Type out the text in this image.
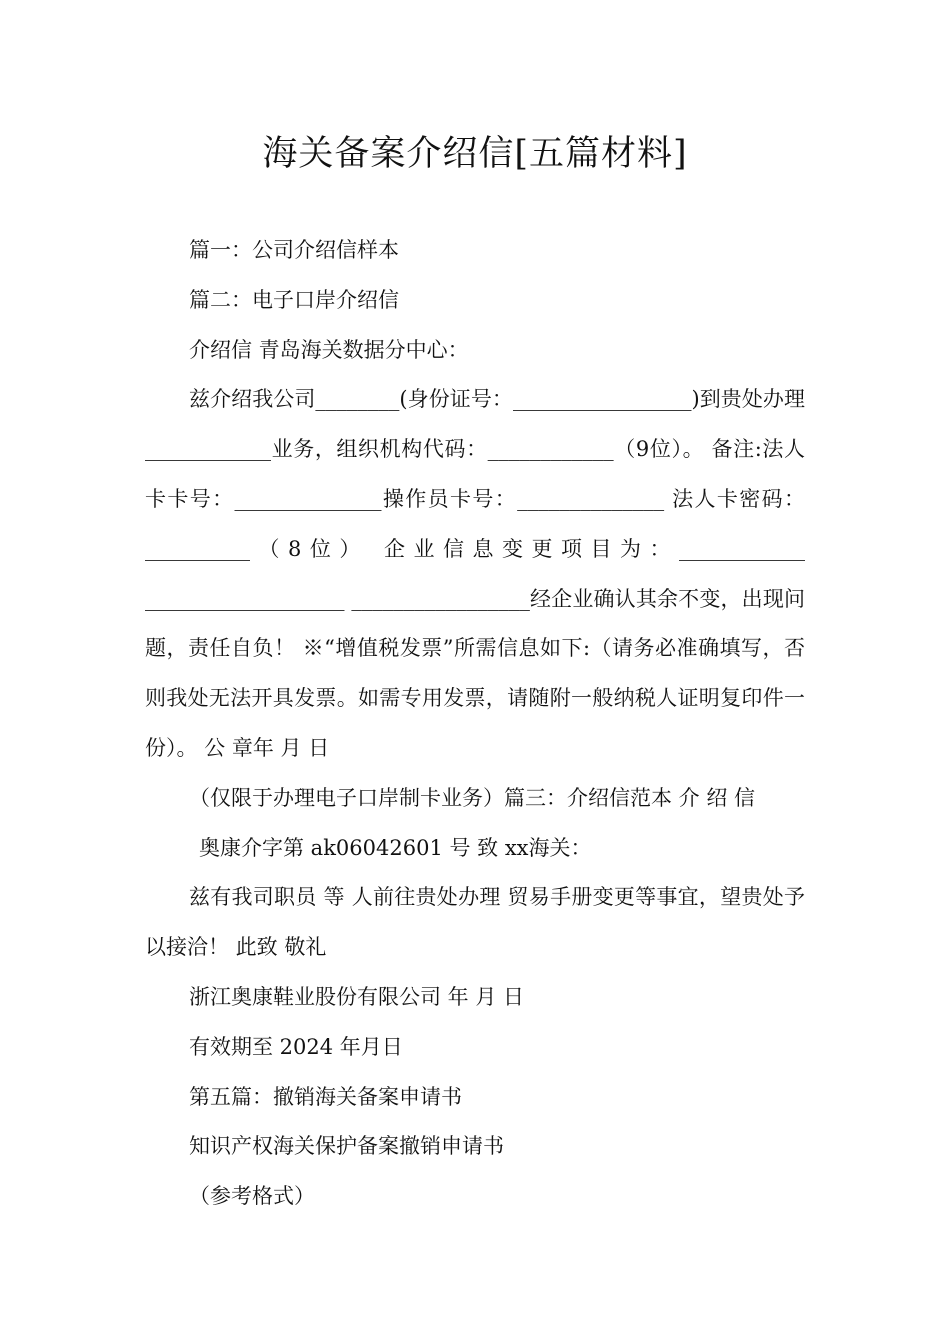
海关备案介绍信[五篇材料]

篇一：公司介绍信样本

篇二：电子口岸介绍信

介绍信 青岛海关数据分中心：

兹介绍我公司________(身份证号：_________________)到贵处办理____________业务，组织机构代码：____________（9位）。 备注:法人卡卡号：______________操作员卡号：______________ 法人卡密码：__________（8位） 企业信息变更项目为：____________ ___________________ _________________经企业确认其余不变，出现问题，责任自负！ ※“增值税发票”所需信息如下:（请务必准确填写，否则我处无法开具发票。如需专用发票，请随附一般纳税人证明复印件一份）。 公 章年 月 日

（仅限于办理电子口岸制卡业务）篇三：介绍信范本 介 绍 信

奥康介字第 ak06042601 号 致 xx海关：

兹有我司职员 等 人前往贵处办理 贸易手册变更等事宜，望贵处予以接洽！ 此致 敬礼

浙江奥康鞋业股份有限公司 年 月 日

有效期至 2024 年月日

第五篇：撤销海关备案申请书

知识产权海关保护备案撤销申请书

（参考格式）
